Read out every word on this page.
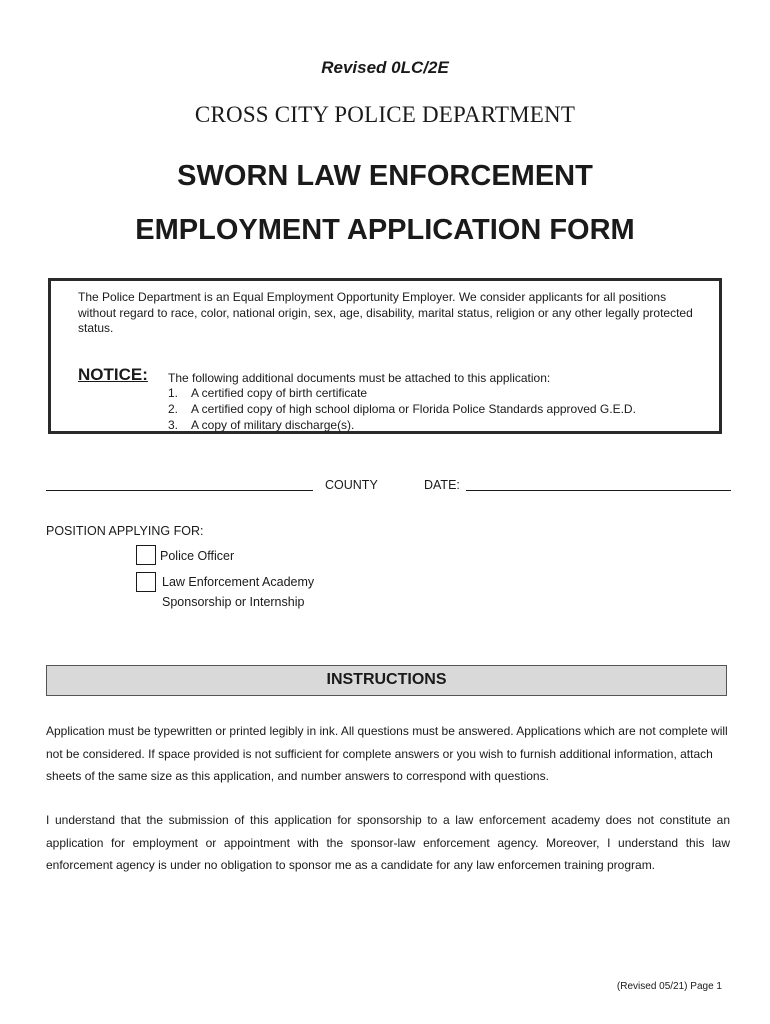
Revised 0LC/2E
CROSS CITY POLICE DEPARTMENT
SWORN LAW ENFORCEMENT
EMPLOYMENT APPLICATION FORM
The Police Department is an Equal Employment Opportunity Employer. We consider applicants for all positions without regard to race, color, national origin, sex, age, disability, marital status, religion or any other legally protected status.
NOTICE: The following additional documents must be attached to this application:
1. A certified copy of birth certificate
2. A certified copy of high school diploma or Florida Police Standards approved G.E.D.
3. A copy of military discharge(s).
COUNTY	DATE:
POSITION APPLYING FOR:
Police Officer
Law Enforcement Academy
Sponsorship or Internship
INSTRUCTIONS
Application must be typewritten or printed legibly in ink. All questions must be answered. Applications which are not complete will not be considered. If space provided is not sufficient for complete answers or you wish to furnish additional information, attach sheets of the same size as this application, and number answers to correspond with questions.
I understand that the submission of this application for sponsorship to a law enforcement academy does not constitute an application for employment or appointment with the sponsor-law enforcement agency. Moreover, I understand this law enforcement agency is under no obligation to sponsor me as a candidate for any law enforcemen training program.
(Revised 05/21) Page 1
